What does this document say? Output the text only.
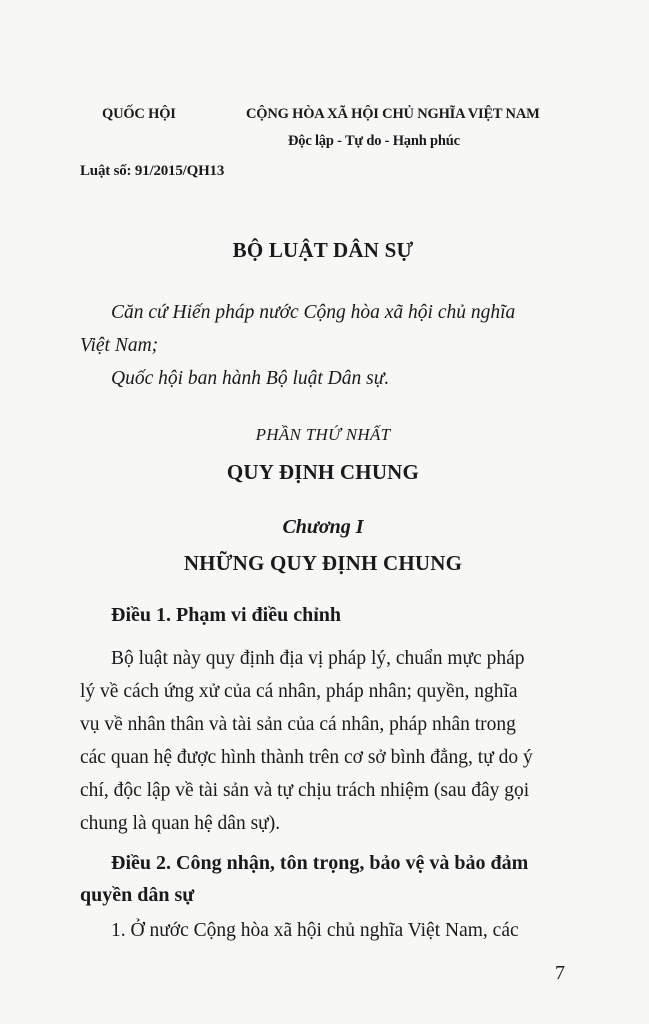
QUỐC HỘI	CỘNG HÒA XÃ HỘI CHỦ NGHĨA VIỆT NAM
Độc lập - Tự do - Hạnh phúc
Luật số: 91/2015/QH13
BỘ LUẬT DÂN SỰ
Căn cứ Hiến pháp nước Cộng hòa xã hội chủ nghĩa
Việt Nam;
Quốc hội ban hành Bộ luật Dân sự.
PHẦN THỨ NHẤT
QUY ĐỊNH CHUNG
Chương I
NHỮNG QUY ĐỊNH CHUNG
Điều 1. Phạm vi điều chỉnh
Bộ luật này quy định địa vị pháp lý, chuẩn mực pháp
lý về cách ứng xử của cá nhân, pháp nhân; quyền, nghĩa
vụ về nhân thân và tài sản của cá nhân, pháp nhân trong
các quan hệ được hình thành trên cơ sở bình đẳng, tự do ý
chí, độc lập về tài sản và tự chịu trách nhiệm (sau đây gọi
chung là quan hệ dân sự).
Điều 2. Công nhận, tôn trọng, bảo vệ và bảo đảm
quyền dân sự
1. Ở nước Cộng hòa xã hội chủ nghĩa Việt Nam, các
7
